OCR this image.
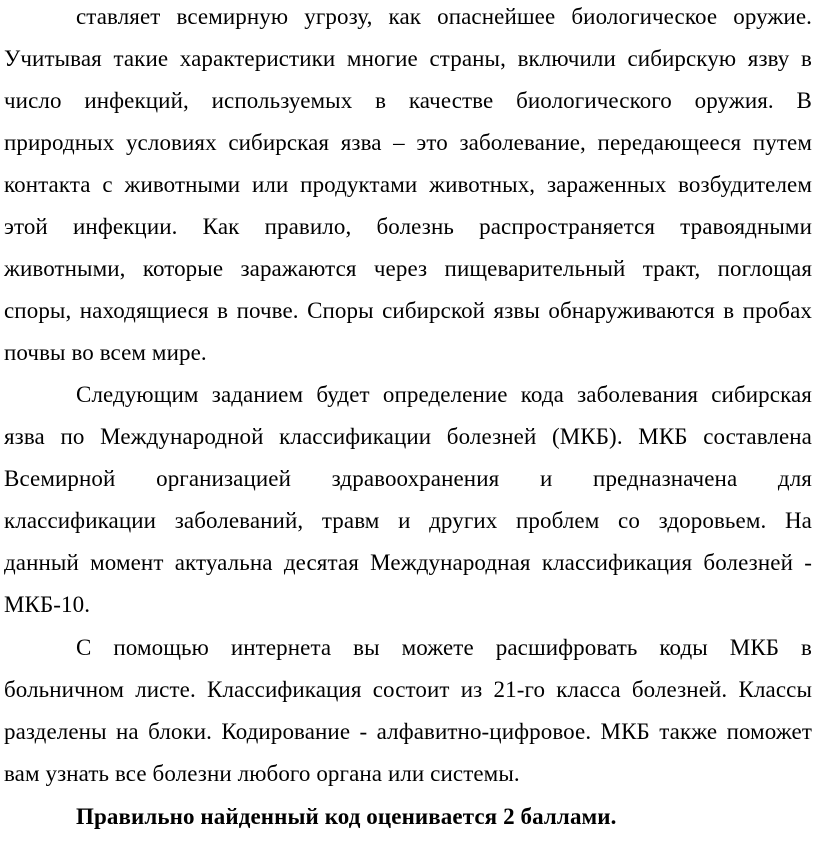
ставляет всемирную угрозу, как опаснейшее биологическое оружие.
Учитывая такие характеристики многие страны, включили сибирскую язву в
число инфекций, используемых в качестве биологического оружия. В
природных условиях сибирская язва – это заболевание, передающееся путем
контакта с животными или продуктами животных, зараженных возбудителем
этой инфекции. Как правило, болезнь распространяется травоядными
животными, которые заражаются через пищеварительный тракт, поглощая
споры, находящиеся в почве. Споры сибирской язвы обнаруживаются в пробах
почвы во всем мире.
Следующим заданием будет определение кода заболевания сибирская
язва по Международной классификации болезней (МКБ). МКБ составлена
Всемирной организацией здравоохранения и предназначена для
классификации заболеваний, травм и других проблем со здоровьем. На
данный момент актуальна десятая Международная классификация болезней -
МКБ-10.
С помощью интернета вы можете расшифровать коды МКБ в
больничном листе. Классификация состоит из 21-го класса болезней. Классы
разделены на блоки. Кодирование - алфавитно-цифровое. МКБ также поможет
вам узнать все болезни любого органа или системы.
Правильно найденный код оценивается 2 баллами.
